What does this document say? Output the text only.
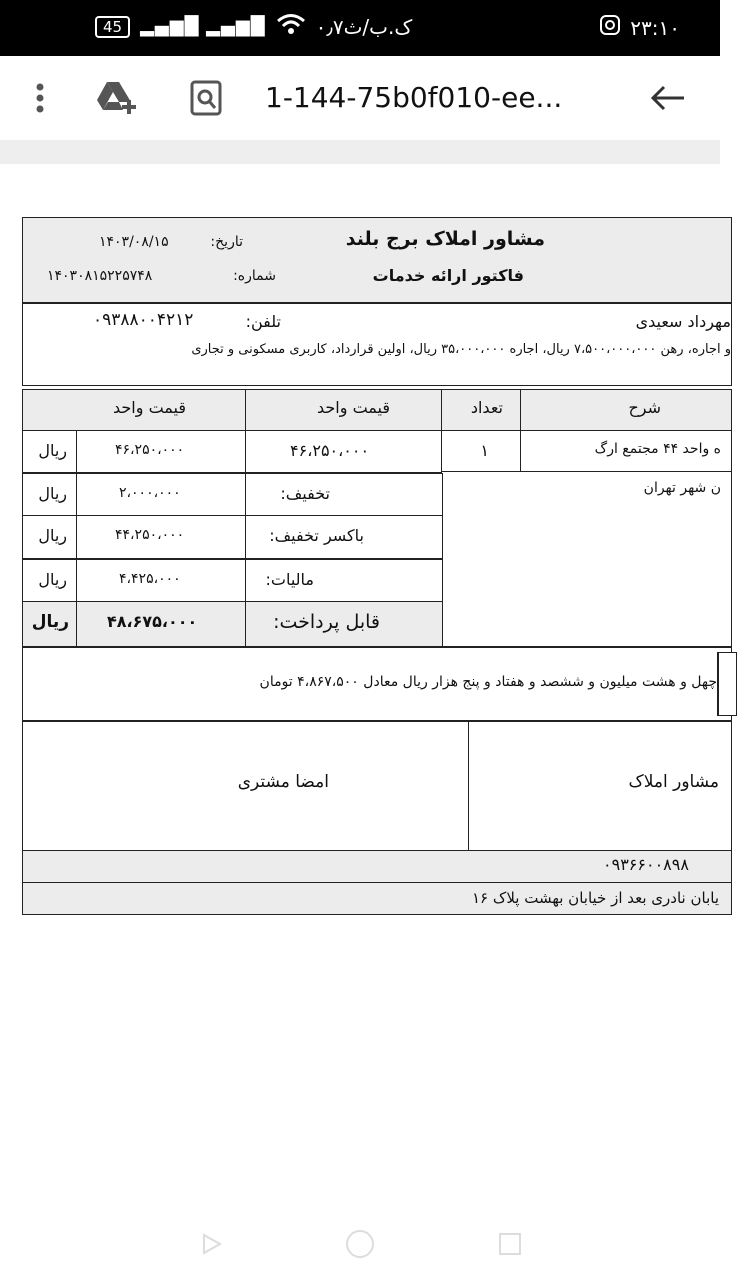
45	▂▄▆█ ▂▄▆█	۰٫۷ک.ب/ث	۲۳:۱۰
1-144-75b0f010-ee...
مشاور املاک برج بلند
فاکتور ارائه خدمات
تاریخ:
۱۴۰۳/۰۸/۱۵
شماره:
۱۴۰۳۰۸۱۵۲۲۵۷۴۸
مهرداد سعیدی
تلفن:
۰۹۳۸۸۰۰۴۲۱۲
و اجاره، رهن ۷،۵۰۰،۰۰۰،۰۰۰ ریال، اجاره ۳۵،۰۰۰،۰۰۰ ریال، اولین قرارداد، کاربری مسکونی و تجاری
قیمت واحد	قیمت واحد	تعداد	شرح
ریال	۴۶،۲۵۰،۰۰۰	۴۶،۲۵۰،۰۰۰	۱	ه واحد ۴۴ مجتمع ارگ
ن شهر تهران
ریال	۲،۰۰۰،۰۰۰	تخفیف:
ریال	۴۴،۲۵۰،۰۰۰	باکسر تخفیف:
ریال	۴،۴۲۵،۰۰۰	مالیات:
ریال ۴۸،۶۷۵،۰۰۰	قابل پرداخت:
چهل و هشت میلیون و ششصد و هفتاد و پنج هزار ریال معادل ۴،۸۶۷،۵۰۰ تومان
امضا مشتری	مشاور املاک
۰۹۳۶۶۰۰۸۹۸
یابان نادری بعد از خیابان بهشت پلاک ۱۶
